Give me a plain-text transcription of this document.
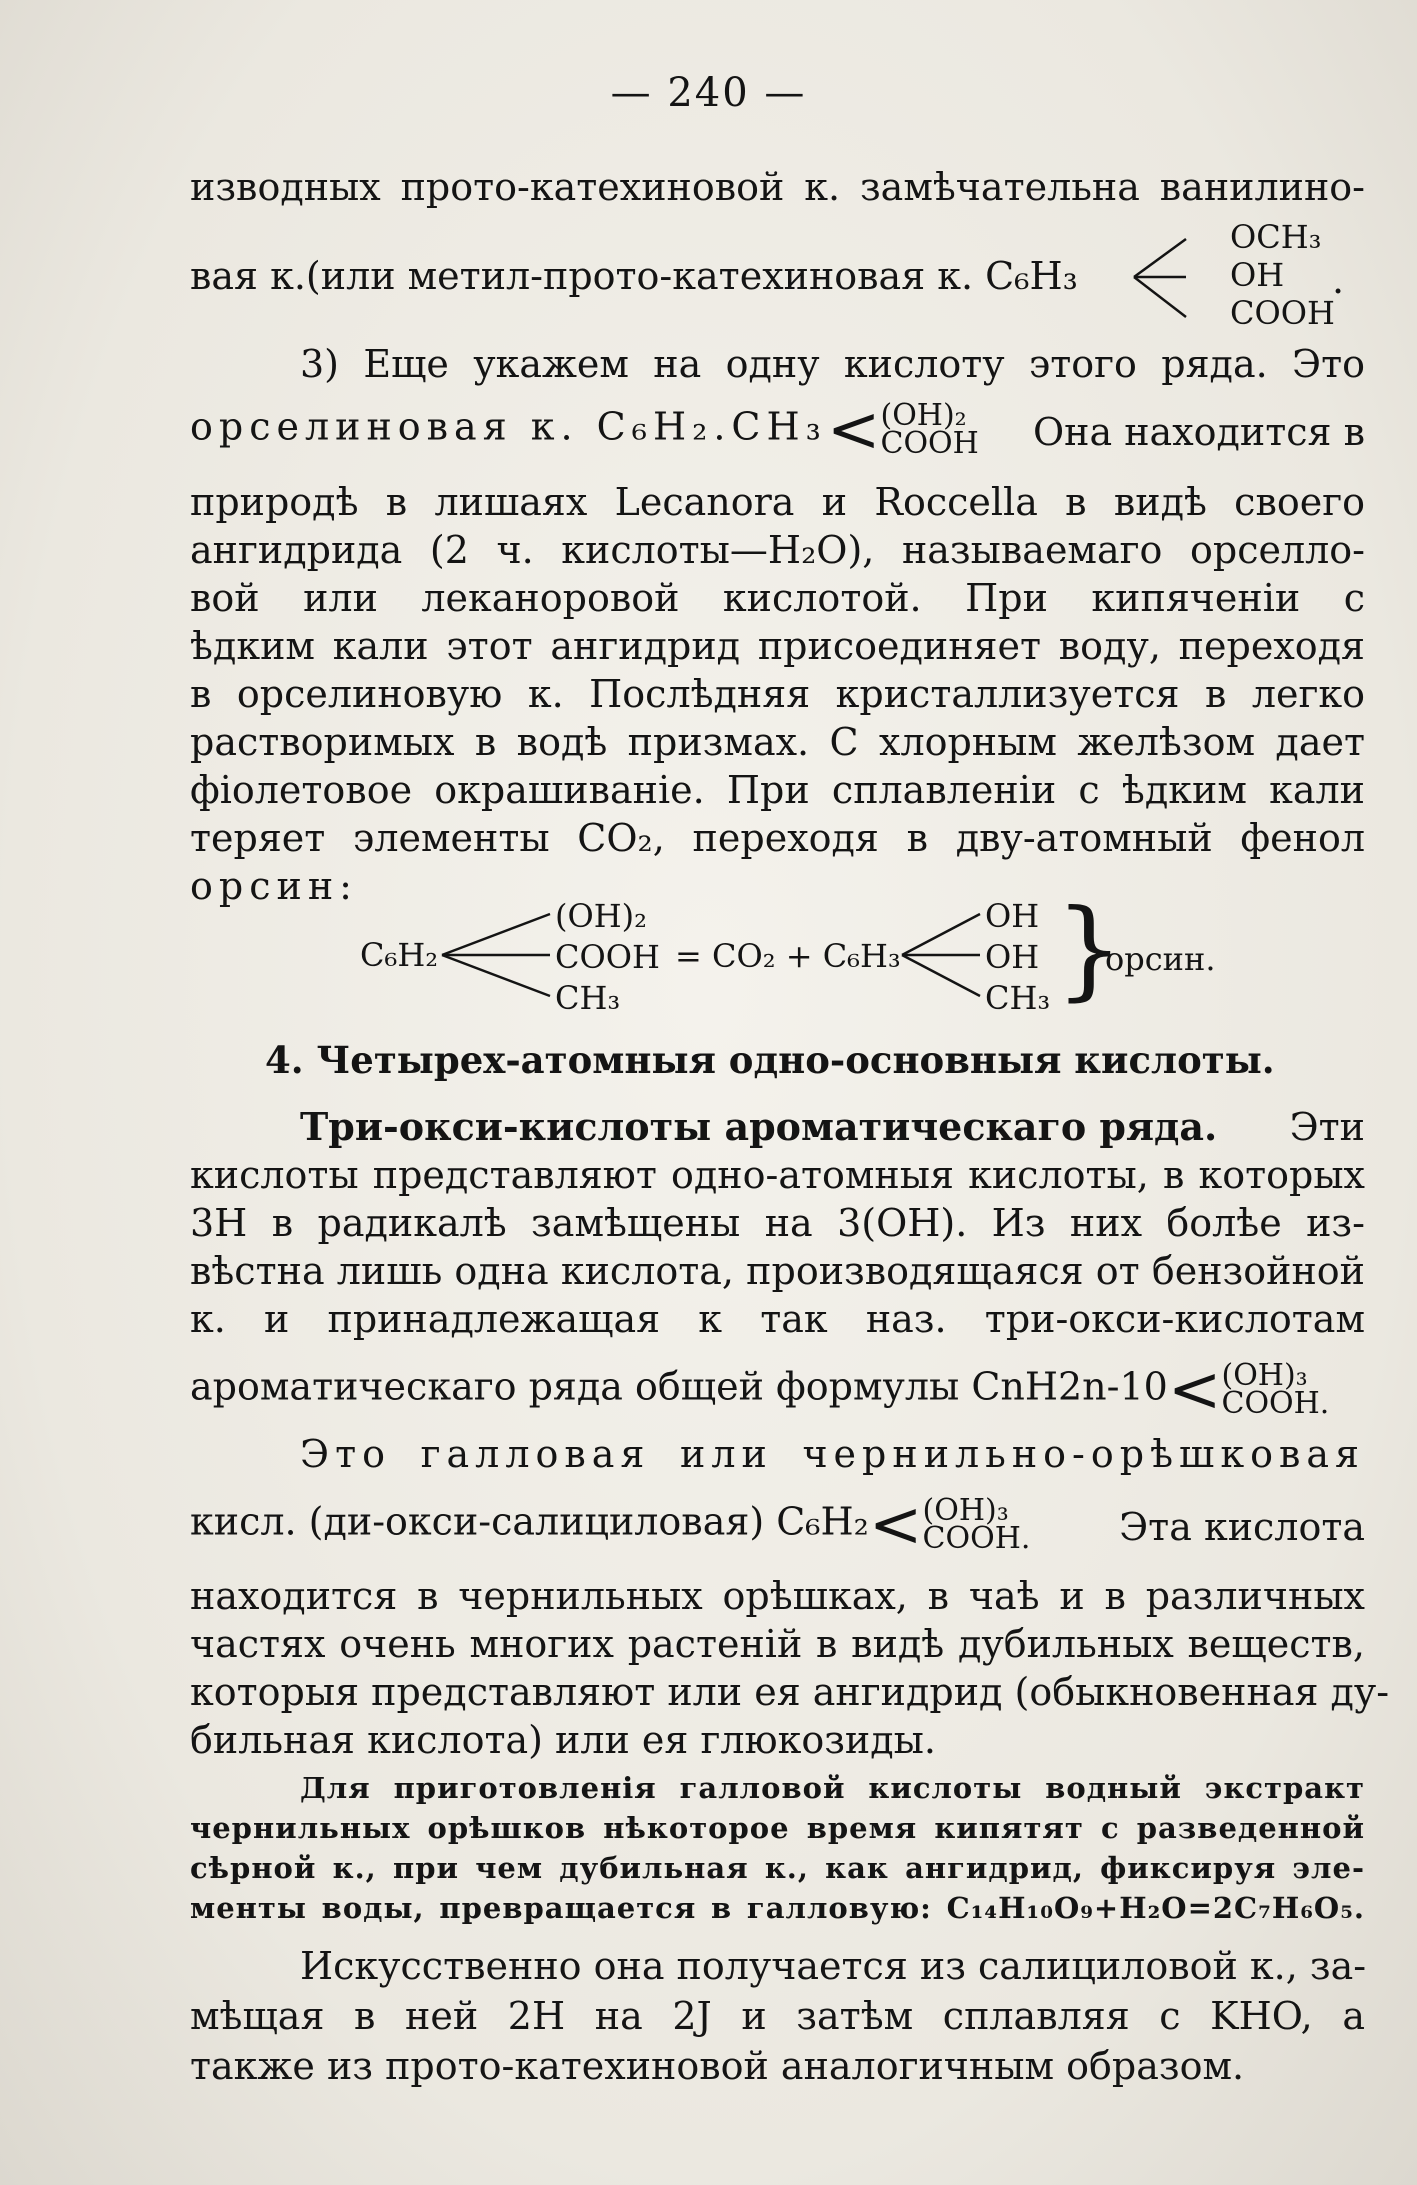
— 240 —
изводных прото-катехиновой к. замѣчательна ванилино-
вая к.(или метил-прото-катехиновая к. C₆H₃
OCH₃
OH
COOH
.
3) Еще укажем на одну кислоту этого ряда. Это
орселиновая к. C₆H₂.CH₃< (OH)₂
COOH Она находится в
природѣ в лишаях Lecanora и Roccella в видѣ своего
ангидрида (2 ч. кислоты—H₂O), называемаго орселло-
вой или леканоровой кислотой. При кипяченіи с
ѣдким кали этот ангидрид присоединяет воду, переходя
в орселиновую к. Послѣдняя кристаллизуется в легко
растворимых в водѣ призмах. С хлорным желѣзом дает
фіолетовое окрашиваніе. При сплавленіи с ѣдким кали
теряет элементы CO₂, переходя в дву-атомный фенол
орсин:
C₆H₂
(OH)₂
COOH
CH₃
= CO₂ + C₆H₃
OH
OH
CH₃ }
орсин.
4. Четырех-атомныя одно-основныя кислоты.
Три-окси-кислоты ароматическаго ряда. Эти
кислоты представляют одно-атомныя кислоты, в которых
3H в радикалѣ замѣщены на 3(OH). Из них болѣе из-
вѣстна лишь одна кислота, производящаяся от бензойной
к. и принадлежащая к так наз. три-окси-кислотам
ароматическаго ряда общей формулы CnH2n-10< (OH)₃
COOH.
Это галловая или чернильно-орѣшковая
кисл. (ди-окси-салициловая) C₆H₂< (OH)₃
COOH. Эта кислота
находится в чернильных орѣшках, в чаѣ и в различных
частях очень многих растеній в видѣ дубильных веществ,
которыя представляют или ея ангидрид (обыкновенная ду-
бильная кислота) или ея глюкозиды.
Для приготовленія галловой кислоты водный экстракт
чернильных орѣшков нѣкоторое время кипятят с разведенной
сѣрной к., при чем дубильная к., как ангидрид, фиксируя эле-
менты воды, превращается в галловую: C₁₄H₁₀O₉+H₂O=2C₇H₆O₅.
Искусственно она получается из салициловой к., за-
мѣщая в ней 2H на 2J и затѣм сплавляя с KHO, а
также из прото-катехиновой аналогичным образом.
